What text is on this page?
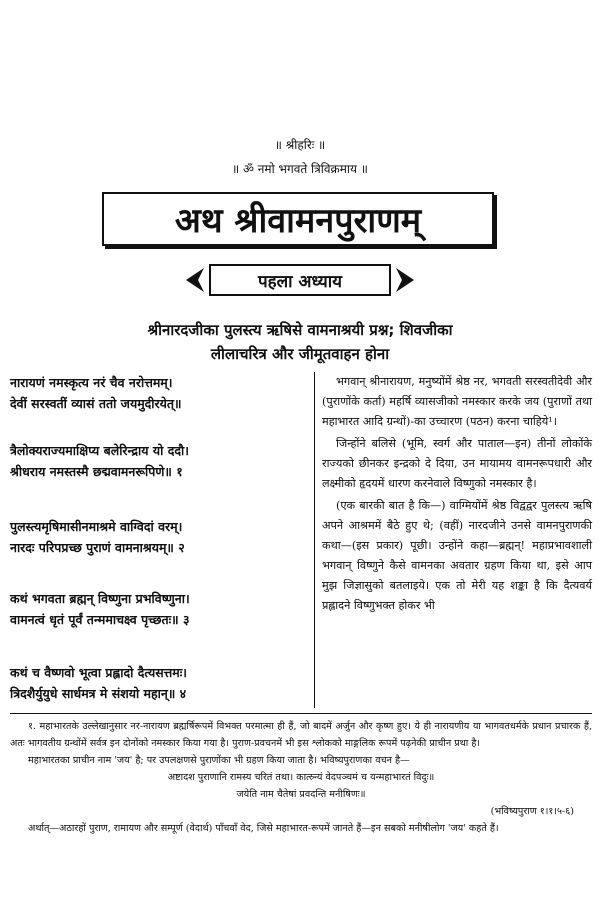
॥ श्रीहरिः ॥
॥ ॐ नमो भगवते त्रिविक्रमाय ॥
अथ श्रीवामनपुराणम्
पहला अध्याय
श्रीनारदजीका पुलस्त्य ऋषिसे वामनाश्रयी प्रश्न; शिवजीका
लीलाचरित्र और जीमूतवाहन होना
नारायणं नमस्कृत्य नरं चैव नरोत्तमम्।
देवीं सरस्वतीं व्यासं ततो जयमुदीरयेत्॥
त्रैलोक्यराज्यमाक्षिप्य बलेरिन्द्राय यो ददौ।
श्रीधराय नमस्तस्मै छद्मवामनरूपिणे॥ १
पुलस्त्यमृषिमासीनमाश्रमे वाग्विदां वरम्।
नारदः परिपप्रच्छ पुराणं वामनाश्रयम्॥ २
कथं भगवता ब्रह्मन् विष्णुना प्रभविष्णुना।
वामनत्वं धृतं पूर्वं तन्ममाचक्ष्व पृच्छतः॥ ३
कथं च वैष्णवो भूत्वा प्रह्लादो दैत्यसत्तमः।
त्रिदशैर्युयुधे सार्धमत्र मे संशयो महान्॥ ४

भगवान् श्रीनारायण, मनुष्योंमें श्रेष्ठ नर, भगवती सरस्वतीदेवी और (पुराणोंके कर्ता) महर्षि व्यासजीको नमस्कार करके जय (पुराणों तथा महाभारत आदि ग्रन्थों)-का उच्चारण (पठन) करना चाहिये¹।

जिन्होंने बलिसे (भूमि, स्वर्ग और पाताल—इन) तीनों लोकोंके राज्यको छीनकर इन्द्रको दे दिया, उन मायामय वामनरूपधारी और लक्ष्मीको हृदयमें धारण करनेवाले विष्णुको नमस्कार है।

(एक बारकी बात है कि—) वाग्मियोंमें श्रेष्ठ विद्वद्वर पुलस्त्य ऋषि अपने आश्रममें बैठे हुए थे; (वहीं) नारदजीने उनसे वामनपुराणकी कथा—(इस प्रकार) पूछी। उन्होंने कहा—ब्रह्मन्! महाप्रभावशाली भगवान् विष्णुने कैसे वामनका अवतार ग्रहण किया था, इसे आप मुझ जिज्ञासुको बतलाइये। एक तो मेरी यह शङ्का है कि दैत्यवर्य प्रह्लादने विष्णुभक्त होकर भी

१. महाभारतके उल्लेखानुसार नर-नारायण ब्रह्मर्षिरूपमें विभक्त परमात्मा ही हैं, जो बादमें अर्जुन और कृष्ण हुए। ये ही नारायणीय या भागवतधर्मके प्रधान प्रचारक हैं, अतः भागवतीय ग्रन्थोंमें सर्वत्र इन दोनोंको नमस्कार किया गया है। पुराण-प्रवचनमें भी इस श्लोकको माङ्गलिक रूपमें पढ़नेकी प्राचीन प्रथा है।

महाभारतका प्राचीन नाम 'जय' है; पर उपलक्षणसे पुराणोंका भी ग्रहण किया जाता है। भविष्यपुराणका वचन है—

अष्टादश पुराणानि रामस्य चरितं तथा। कात्स्र्न्यं वेदपञ्चमं च यन्महाभारतं विदुः॥

जयेति नाम चैतेषां प्रवदन्ति मनीषिणः॥

(भविष्यपुराण १।१।५-६)

अर्थात्—अठारहों पुराण, रामायण और सम्पूर्ण (वेदार्थ) पाँचवाँ वेद, जिसे महाभारत-रूपमें जानते हैं—इन सबको मनीषीलोग 'जय' कहते हैं।
